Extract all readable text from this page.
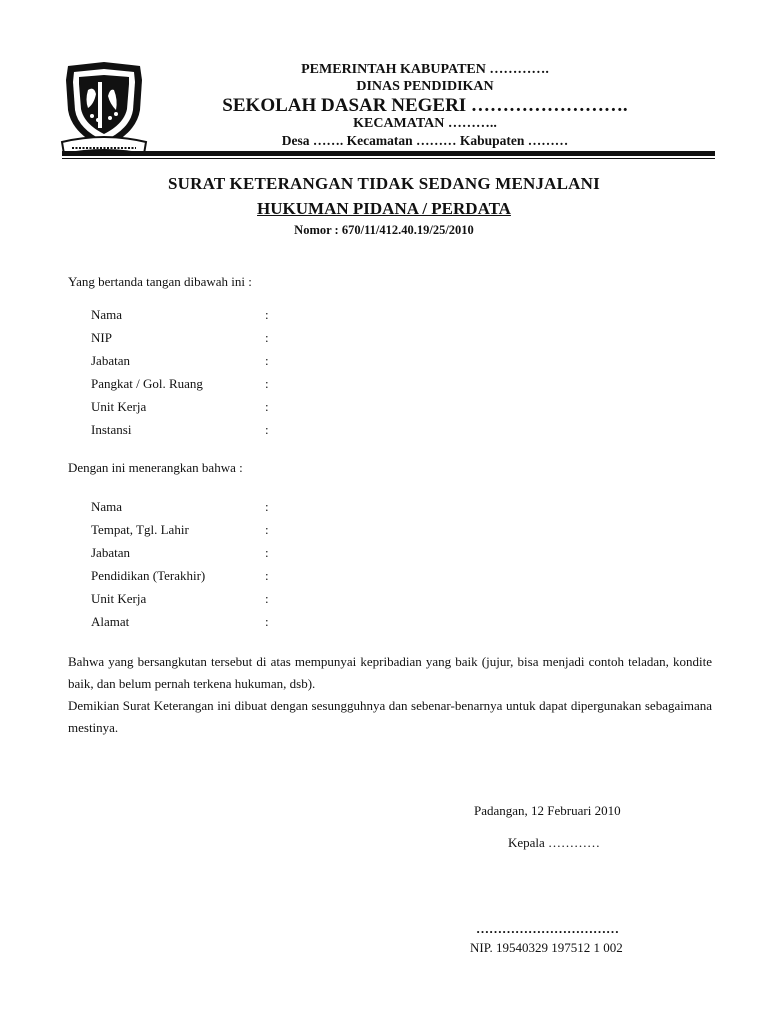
PEMERINTAH KABUPATEN ………….
DINAS PENDIDIKAN
SEKOLAH DASAR NEGERI …………………….
KECAMATAN ………..
Desa ……. Kecamatan ……… Kabupaten ………
SURAT KETERANGAN TIDAK SEDANG MENJALANI
HUKUMAN PIDANA / PERDATA
Nomor : 670/11/412.40.19/25/2010
Yang bertanda tangan dibawah ini :
Nama	:
NIP	:
Jabatan	:
Pangkat / Gol. Ruang	:
Unit Kerja	:
Instansi	:
Dengan ini menerangkan bahwa :
Nama	:
Tempat, Tgl. Lahir	:
Jabatan	:
Pendidikan (Terakhir)	:
Unit Kerja	:
Alamat	:

Bahwa yang bersangkutan tersebut di atas mempunyai kepribadian yang baik (jujur, bisa menjadi contoh teladan, kondite baik, dan belum pernah terkena hukuman, dsb).

Demikian Surat Keterangan ini dibuat dengan sesungguhnya dan sebenar-benarnya untuk dapat dipergunakan sebagaimana mestinya.

Padangan, 12 Februari 2010
Kepala …………
……………………………
NIP. 19540329 197512 1 002
